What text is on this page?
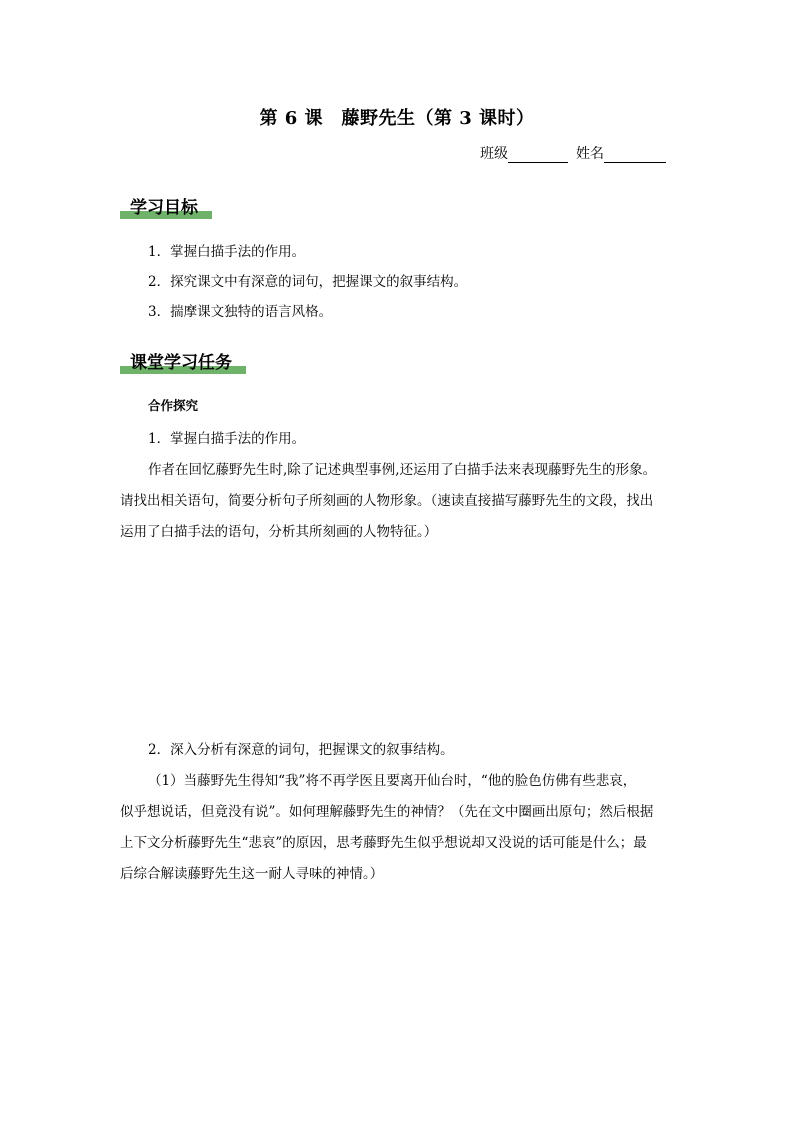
第 6 课　藤野先生（第 3 课时）
班级	姓名
学习目标
1．掌握白描手法的作用。
2．探究课文中有深意的词句，把握课文的叙事结构。
3．揣摩课文独特的语言风格。
课堂学习任务
合作探究
1．掌握白描手法的作用。
作者在回忆藤野先生时,除了记述典型事例,还运用了白描手法来表现藤野先生的形象。
请找出相关语句，简要分析句子所刻画的人物形象。（速读直接描写藤野先生的文段，找出
运用了白描手法的语句，分析其所刻画的人物特征。）
2．深入分析有深意的词句，把握课文的叙事结构。
（1）当藤野先生得知“我”将不再学医且要离开仙台时，“他的脸色仿佛有些悲哀，
似乎想说话，但竟没有说”。如何理解藤野先生的神情？（先在文中圈画出原句；然后根据
上下文分析藤野先生“悲哀”的原因，思考藤野先生似乎想说却又没说的话可能是什么；最
后综合解读藤野先生这一耐人寻味的神情。）
